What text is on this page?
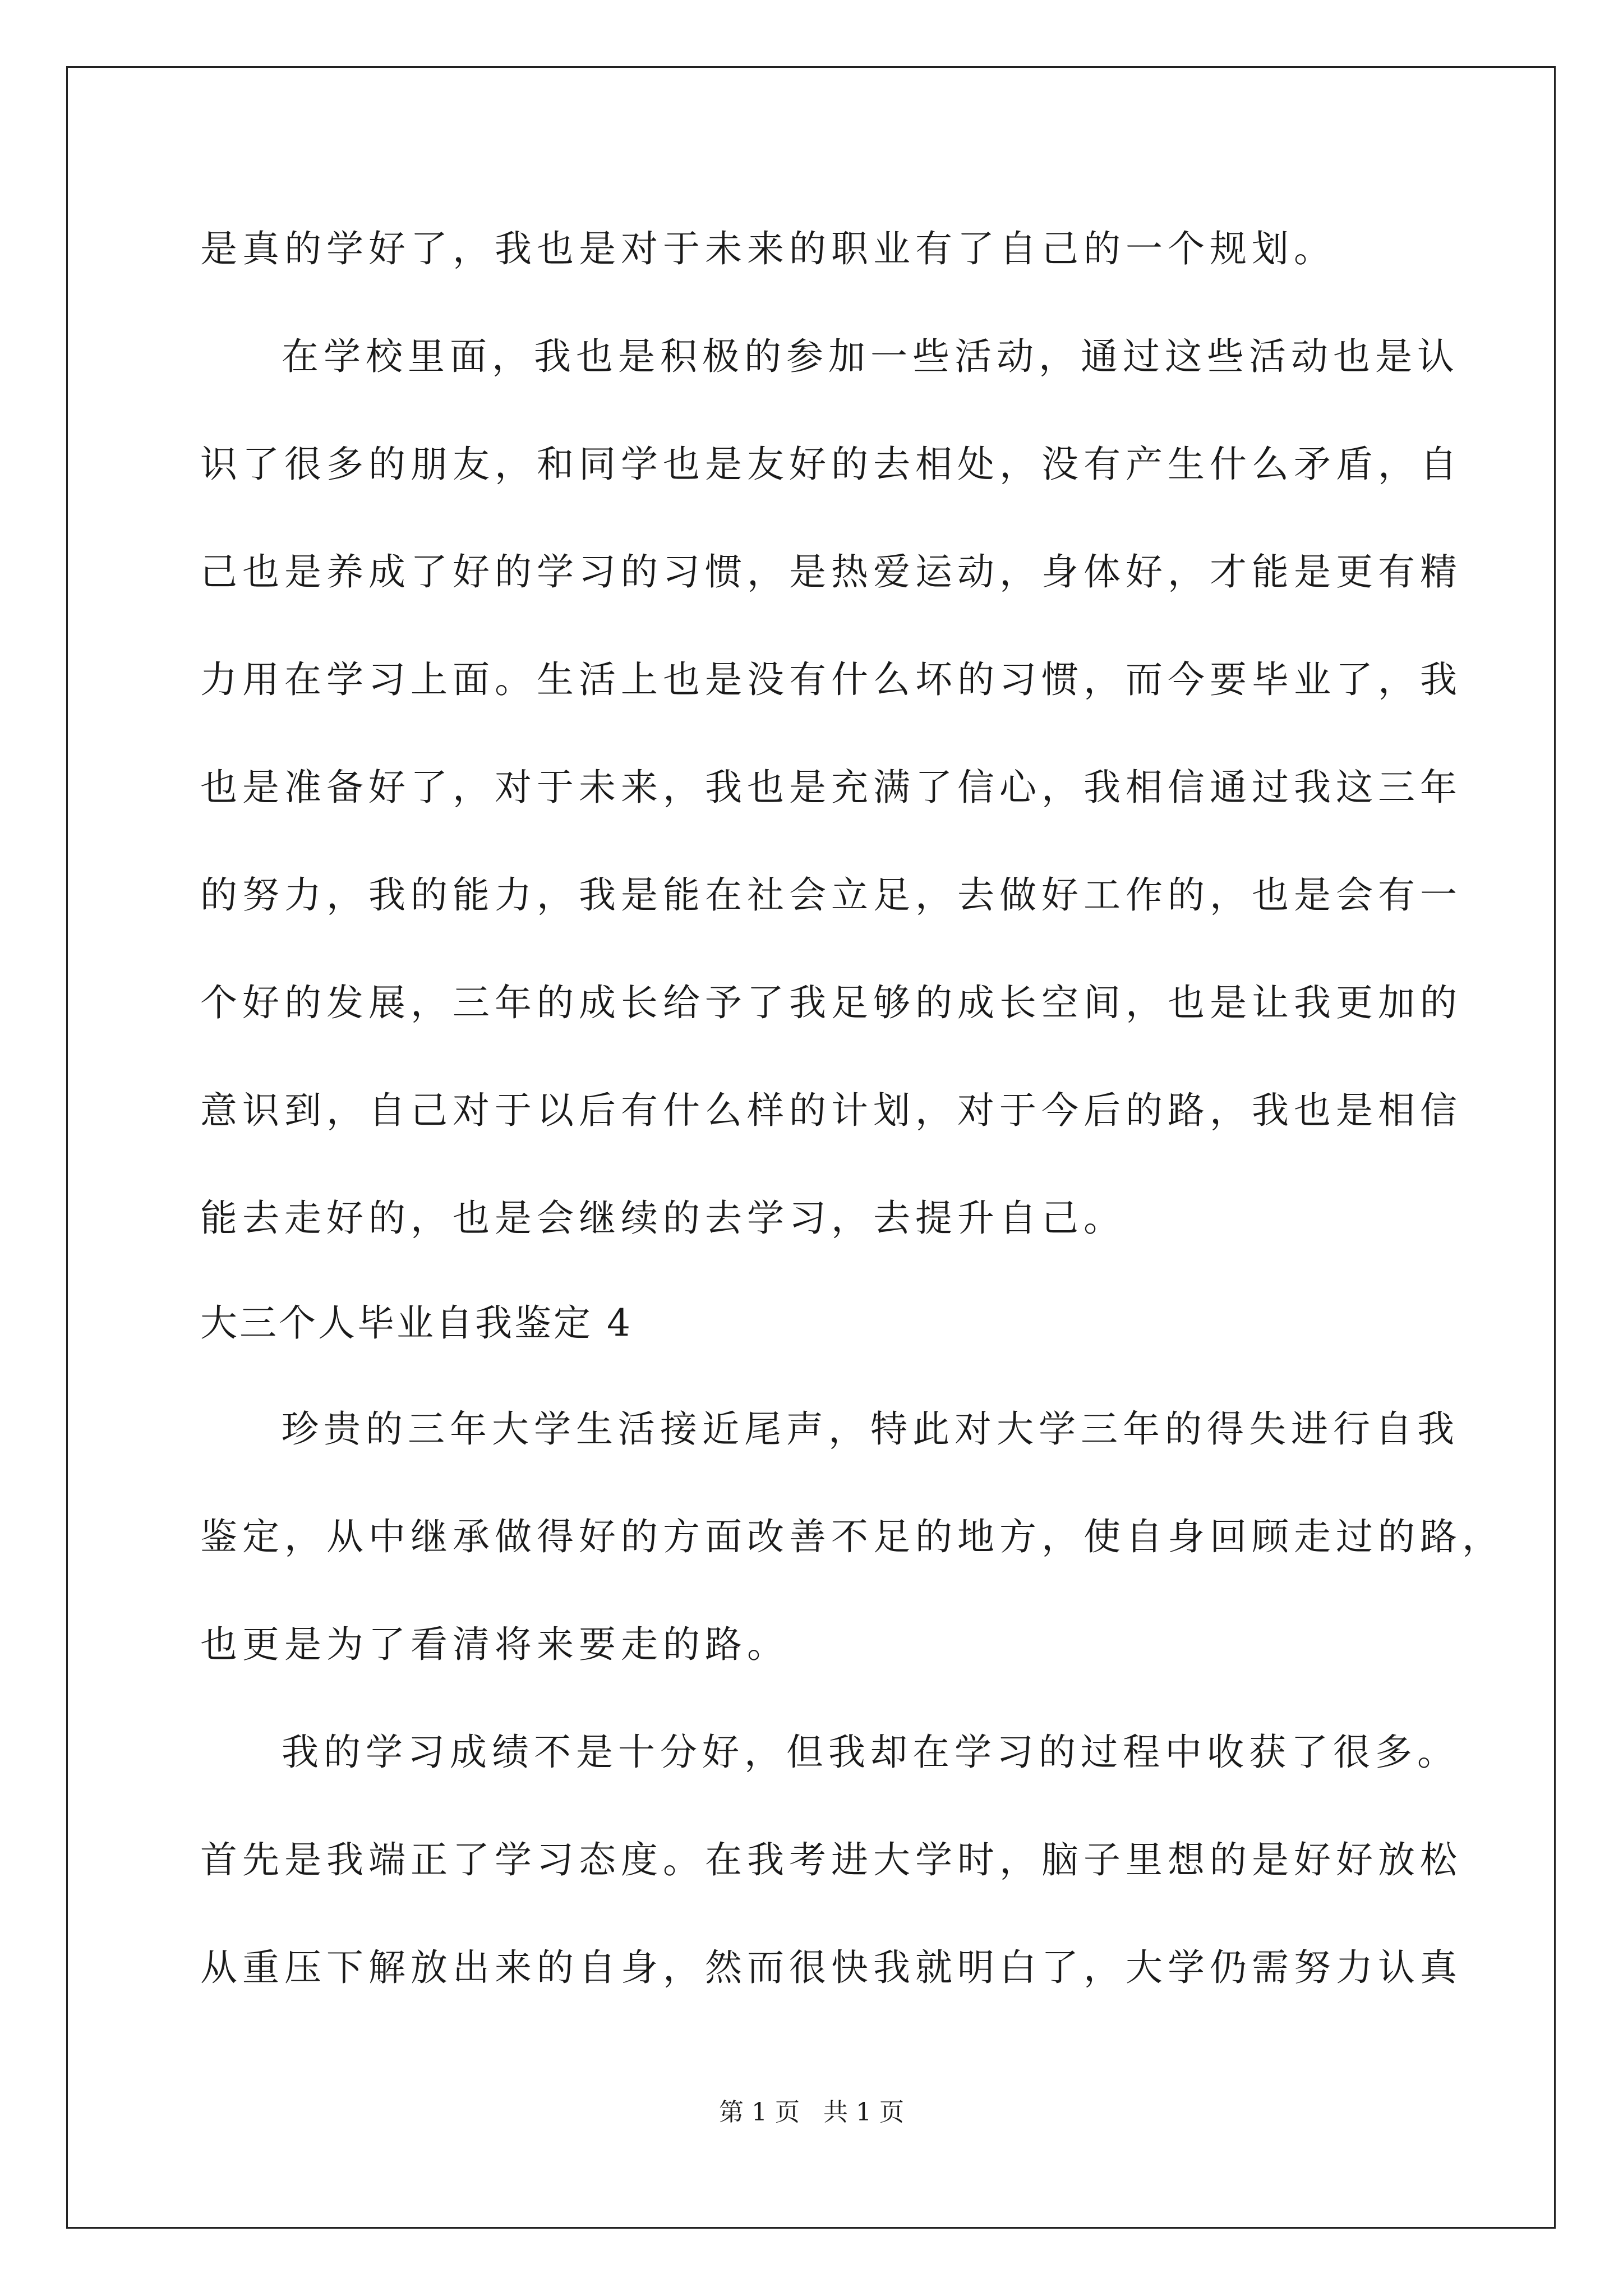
是真的学好了，我也是对于未来的职业有了自己的一个规划。
在学校里面，我也是积极的参加一些活动，通过这些活动也是认
识了很多的朋友，和同学也是友好的去相处，没有产生什么矛盾，自
己也是养成了好的学习的习惯，是热爱运动，身体好，才能是更有精
力用在学习上面。生活上也是没有什么坏的习惯，而今要毕业了，我
也是准备好了，对于未来，我也是充满了信心，我相信通过我这三年
的努力，我的能力，我是能在社会立足，去做好工作的，也是会有一
个好的发展，三年的成长给予了我足够的成长空间，也是让我更加的
意识到，自己对于以后有什么样的计划，对于今后的路，我也是相信
能去走好的，也是会继续的去学习，去提升自己。
大三个人毕业自我鉴定 4
珍贵的三年大学生活接近尾声，特此对大学三年的得失进行自我
鉴定，从中继承做得好的方面改善不足的地方，使自身回顾走过的路，
也更是为了看清将来要走的路。
我的学习成绩不是十分好，但我却在学习的过程中收获了很多。
首先是我端正了学习态度。在我考进大学时，脑子里想的是好好放松
从重压下解放出来的自身，然而很快我就明白了，大学仍需努力认真
第 1 页   共 1 页
